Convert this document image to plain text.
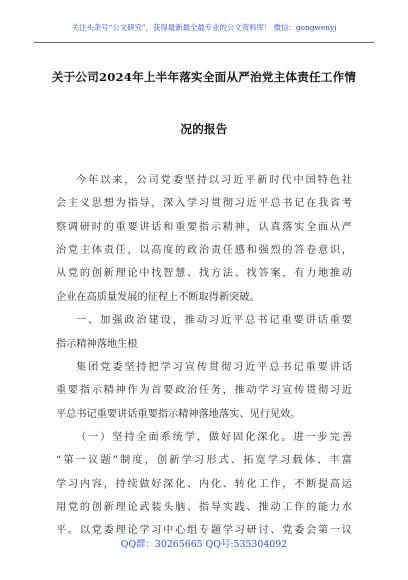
关注头条号“公文研究”，获得最新最全最专业的公文资料库！ 微信：gongwenyj
关于公司2024年上半年落实全面从严治党主体责任工作情
况的报告
今年以来，公司党委坚持以习近平新时代中国特色社
会主义思想为指导，深入学习贯彻习近平总书记在我省考
察调研时的重要讲话和重要指示精神，认真落实全面从严
治党主体责任，以高度的政治责任感和强烈的答卷意识，
从党的创新理论中找智慧、找方法、找答案，有力地推动
企业在高质量发展的征程上不断取得新突破。
一、加强政治建设，推动习近平总书记重要讲话重要
指示精神落地生根
集团党委坚持把学习宣传贯彻习近平总书记重要讲话
重要指示精神作为首要政治任务，推动学习宣传贯彻习近
平总书记重要讲话重要指示精神落地落实、见行见效。
（一）坚持全面系统学，做好固化深化。进一步完善
“第一议题”制度，创新学习形式、拓宽学习载体、丰富
学习内容，持续做好深化、内化、转化工作，不断提高运
用党的创新理论武装头脑、指导实践、推动工作的能力水
平。以党委理论学习中心组专题学习研讨、党委会第一议
QQ群：30265665 QQ号:535304092
